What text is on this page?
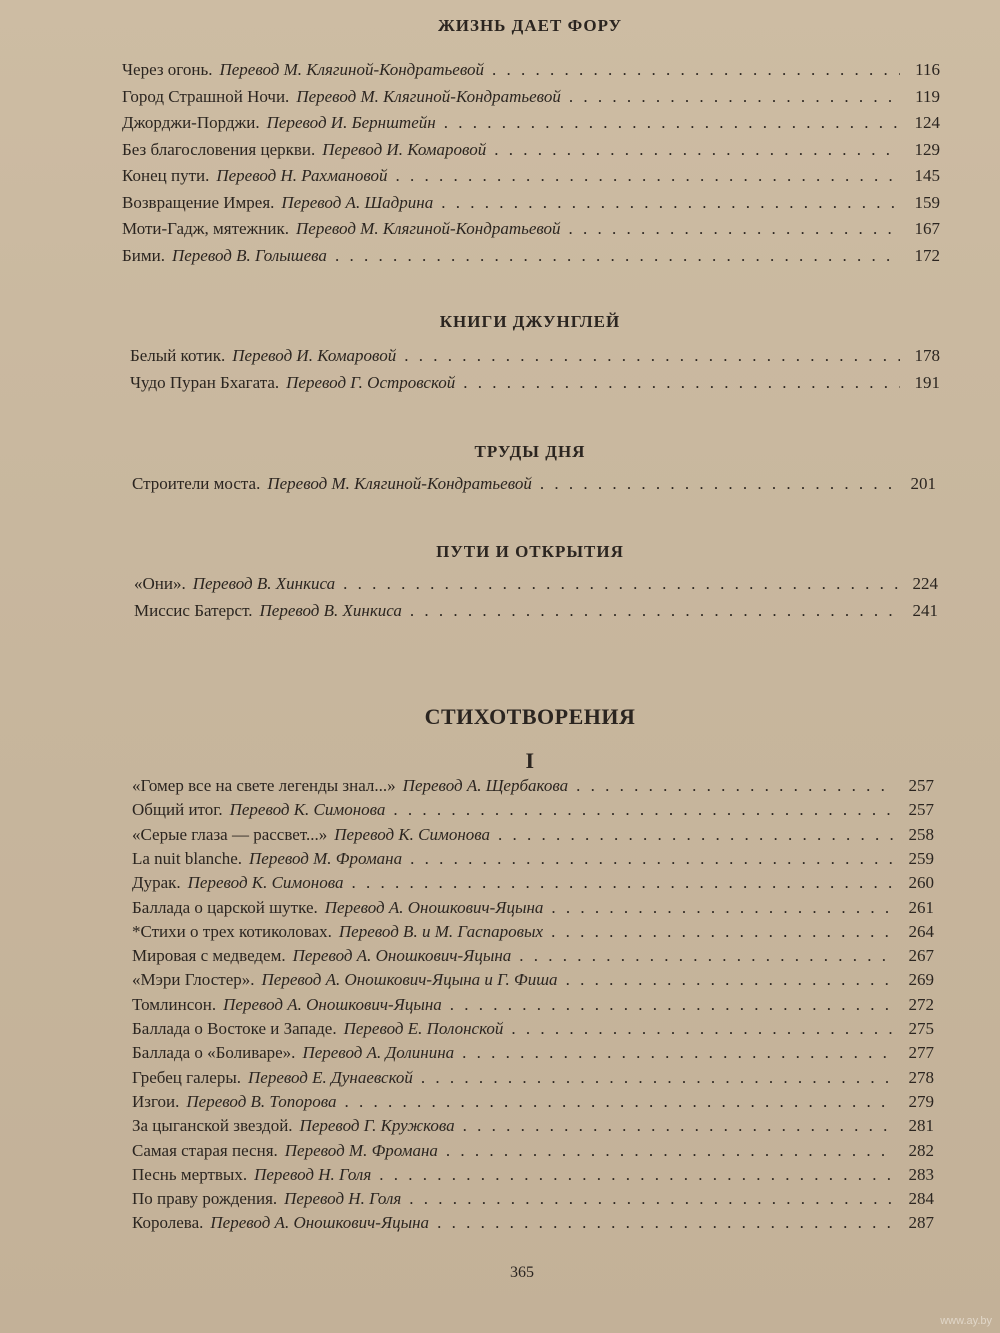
ЖИЗНЬ ДАЕТ ФОРУ
Через огонь. Перевод М. Клягиной-Кондратьевой . . .	116
Город Страшной Ночи. Перевод М. Клягиной-Кондратьевой . . .	119
Джорджи-Порджи. Перевод И. Бернштейн . . .	124
Без благословения церкви. Перевод И. Комаровой . . .	129
Конец пути. Перевод Н. Рахмановой . . .	145
Возвращение Имрея. Перевод А. Шадрина . . .	159
Моти-Гадж, мятежник. Перевод М. Клягиной-Кондратьевой . . .	167
Бими. Перевод В. Голышева . . .	172
КНИГИ ДЖУНГЛЕЙ
Белый котик. Перевод И. Комаровой . . .	178
Чудо Пуран Бхагата. Перевод Г. Островской . . .	191
ТРУДЫ ДНЯ
Строители моста. Перевод М. Клягиной-Кондратьевой . . .	201
ПУТИ И ОТКРЫТИЯ
«Они». Перевод В. Хинкиса . . .	224
Миссис Батерст. Перевод В. Хинкиса . . .	241
СТИХОТВОРЕНИЯ
I
«Гомер все на свете легенды знал...» Перевод А. Щербакова . . .	257
Общий итог. Перевод К. Симонова . . .	257
«Серые глаза — рассвет...» Перевод К. Симонова . . .	258
La nuit blanche. Перевод М. Фромана . . .	259
Дурак. Перевод К. Симонова . . .	260
Баллада о царской шутке. Перевод А. Оношкович-Яцына . . .	261
*Стихи о трех котиколовах. Перевод В. и М. Гаспаровых . . .	264
Мировая с медведем. Перевод А. Оношкович-Яцына . . .	267
«Мэри Глостер». Перевод А. Оношкович-Яцына и Г. Фиша . . .	269
Томлинсон. Перевод А. Оношкович-Яцына . . .	272
Баллада о Востоке и Западе. Перевод Е. Полонской . . .	275
Баллада о «Боливаре». Перевод А. Долинина . . .	277
Гребец галеры. Перевод Е. Дунаевской . . .	278
Изгои. Перевод В. Топорова . . .	279
За цыганской звездой. Перевод Г. Кружкова . . .	281
Самая старая песня. Перевод М. Фромана . . .	282
Песнь мертвых. Перевод Н. Голя . . .	283
По праву рождения. Перевод Н. Голя . . .	284
Королева. Перевод А. Оношкович-Яцына . . .	287
365
www.ay.by
